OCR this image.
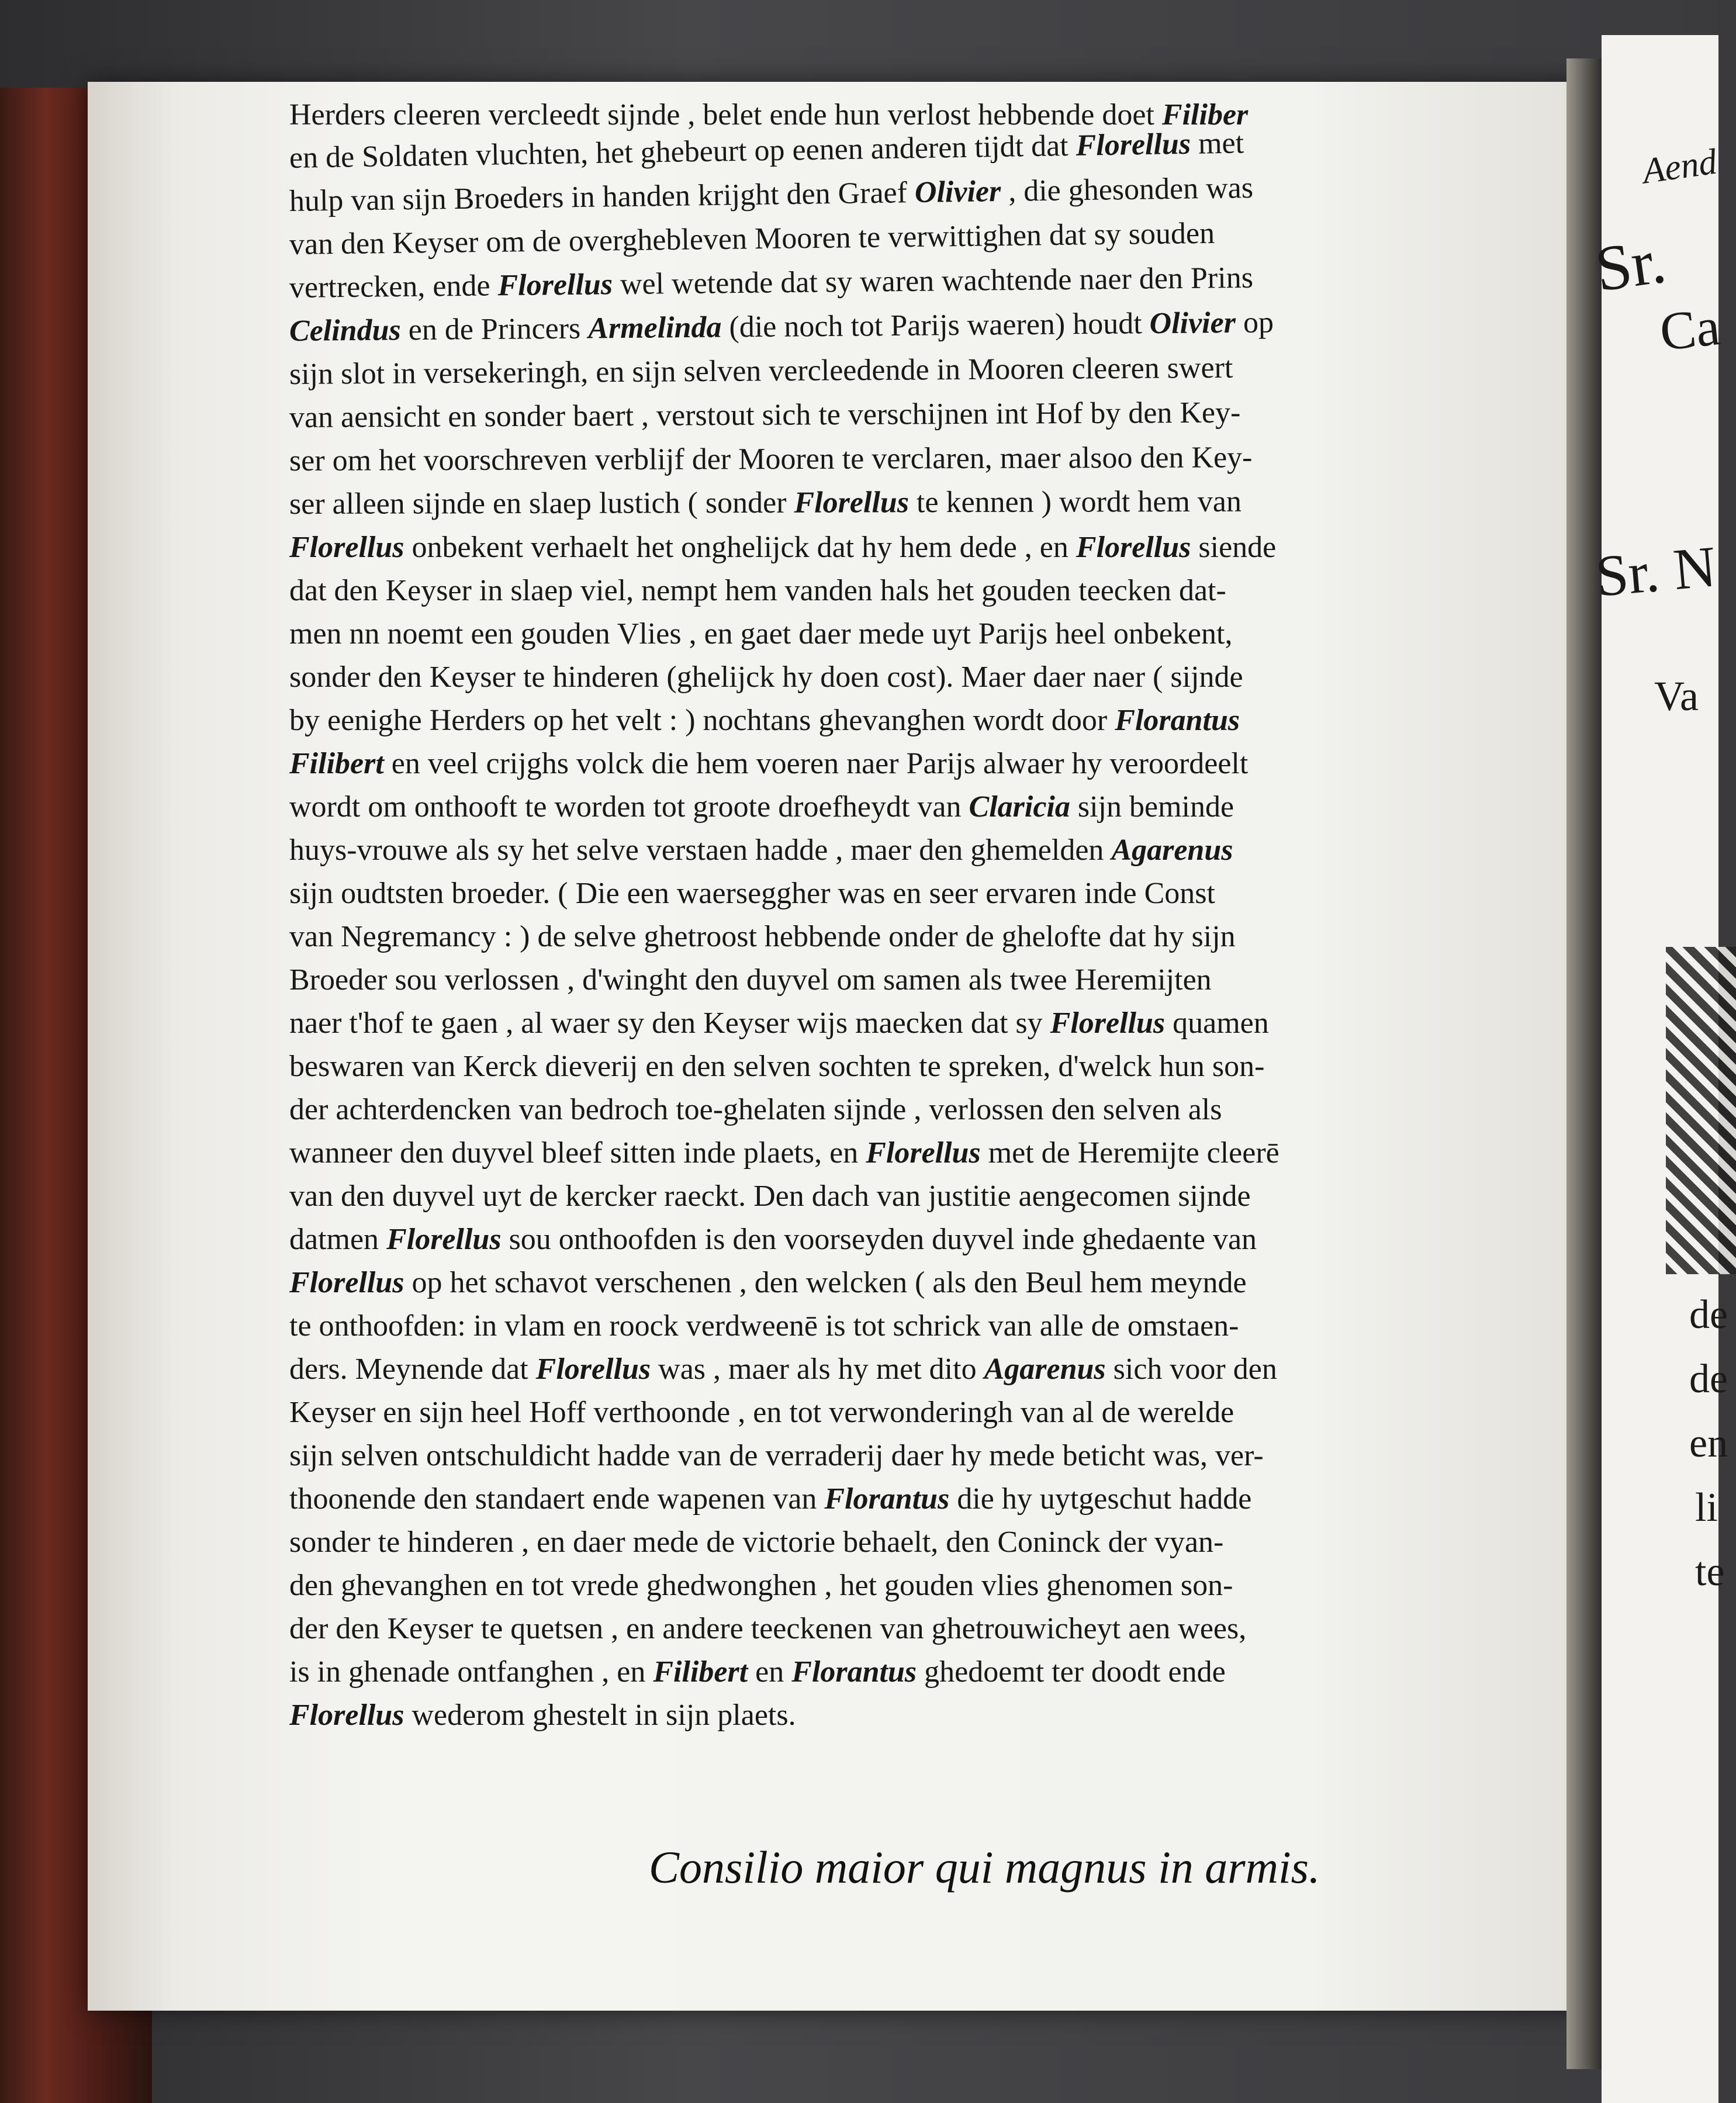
Herders cleeren vercleedt sijnde , belet ende hun verlost hebbende doet Filiber
en de Soldaten vluchten, het ghebeurt op eenen anderen tijdt dat Florellus met
hulp van sijn Broeders in handen krijght den Graef Olivier , die ghesonden was
van den Keyser om de overghebleven Mooren te verwittighen dat sy souden
vertrecken, ende Florellus wel wetende dat sy waren wachtende naer den Prins
Celindus en de Princers Armelinda (die noch tot Parijs waeren) houdt Olivier op
sijn slot in versekeringh, en sijn selven vercleedende in Mooren cleeren swert
van aensicht en sonder baert , verstout sich te verschijnen int Hof by den Key-
ser om het voorschreven verblijf der Mooren te verclaren, maer alsoo den Key-
ser alleen sijnde en slaep lustich ( sonder Florellus te kennen ) wordt hem van
Florellus onbekent verhaelt het onghelijck dat hy hem dede , en Florellus siende
dat den Keyser in slaep viel, nempt hem vanden hals het gouden teecken dat-
men nn noemt een gouden Vlies , en gaet daer mede uyt Parijs heel onbekent,
sonder den Keyser te hinderen (ghelijck hy doen cost). Maer daer naer ( sijnde
by eenighe Herders op het velt : ) nochtans ghevanghen wordt door Florantus
Filibert en veel crijghs volck die hem voeren naer Parijs alwaer hy veroordeelt
wordt om onthooft te worden tot groote droefheydt van Claricia sijn beminde
huys-vrouwe als sy het selve verstaen hadde , maer den ghemelden Agarenus
sijn oudtsten broeder. ( Die een waerseggher was en seer ervaren inde Const
van Negremancy : ) de selve ghetroost hebbende onder de ghelofte dat hy sijn
Broeder sou verlossen , d'winght den duyvel om samen als twee Heremijten
naer t'hof te gaen , al waer sy den Keyser wijs maecken dat sy Florellus quamen
beswaren van Kerck dieverij en den selven sochten te spreken, d'welck hun son-
der achterdencken van bedroch toe-ghelaten sijnde , verlossen den selven als
wanneer den duyvel bleef sitten inde plaets, en Florellus met de Heremijte cleerē
van den duyvel uyt de kercker raeckt. Den dach van justitie aengecomen sijnde
datmen Florellus sou onthoofden is den voorseyden duyvel inde ghedaente van
Florellus op het schavot verschenen , den welcken ( als den Beul hem meynde
te onthoofden: in vlam en roock verdweenē is tot schrick van alle de omstaen-
ders. Meynende dat Florellus was , maer als hy met dito Agarenus sich voor den
Keyser en sijn heel Hoff verthoonde , en tot verwonderingh van al de werelde
sijn selven ontschuldicht hadde van de verraderij daer hy mede beticht was, ver-
thoonende den standaert ende wapenen van Florantus die hy uytgeschut hadde
sonder te hinderen , en daer mede de victorie behaelt, den Coninck der vyan-
den ghevanghen en tot vrede ghedwonghen , het gouden vlies ghenomen son-
der den Keyser te quetsen , en andere teeckenen van ghetrouwicheyt aen wees,
is in ghenade ontfanghen , en Filibert en Florantus ghedoemt ter doodt ende
Florellus wederom ghestelt in sijn plaets.
Consilio maior qui magnus in armis.
Aend
Sr.
Ca
Sr. N
Va
de
de
en
li
te
